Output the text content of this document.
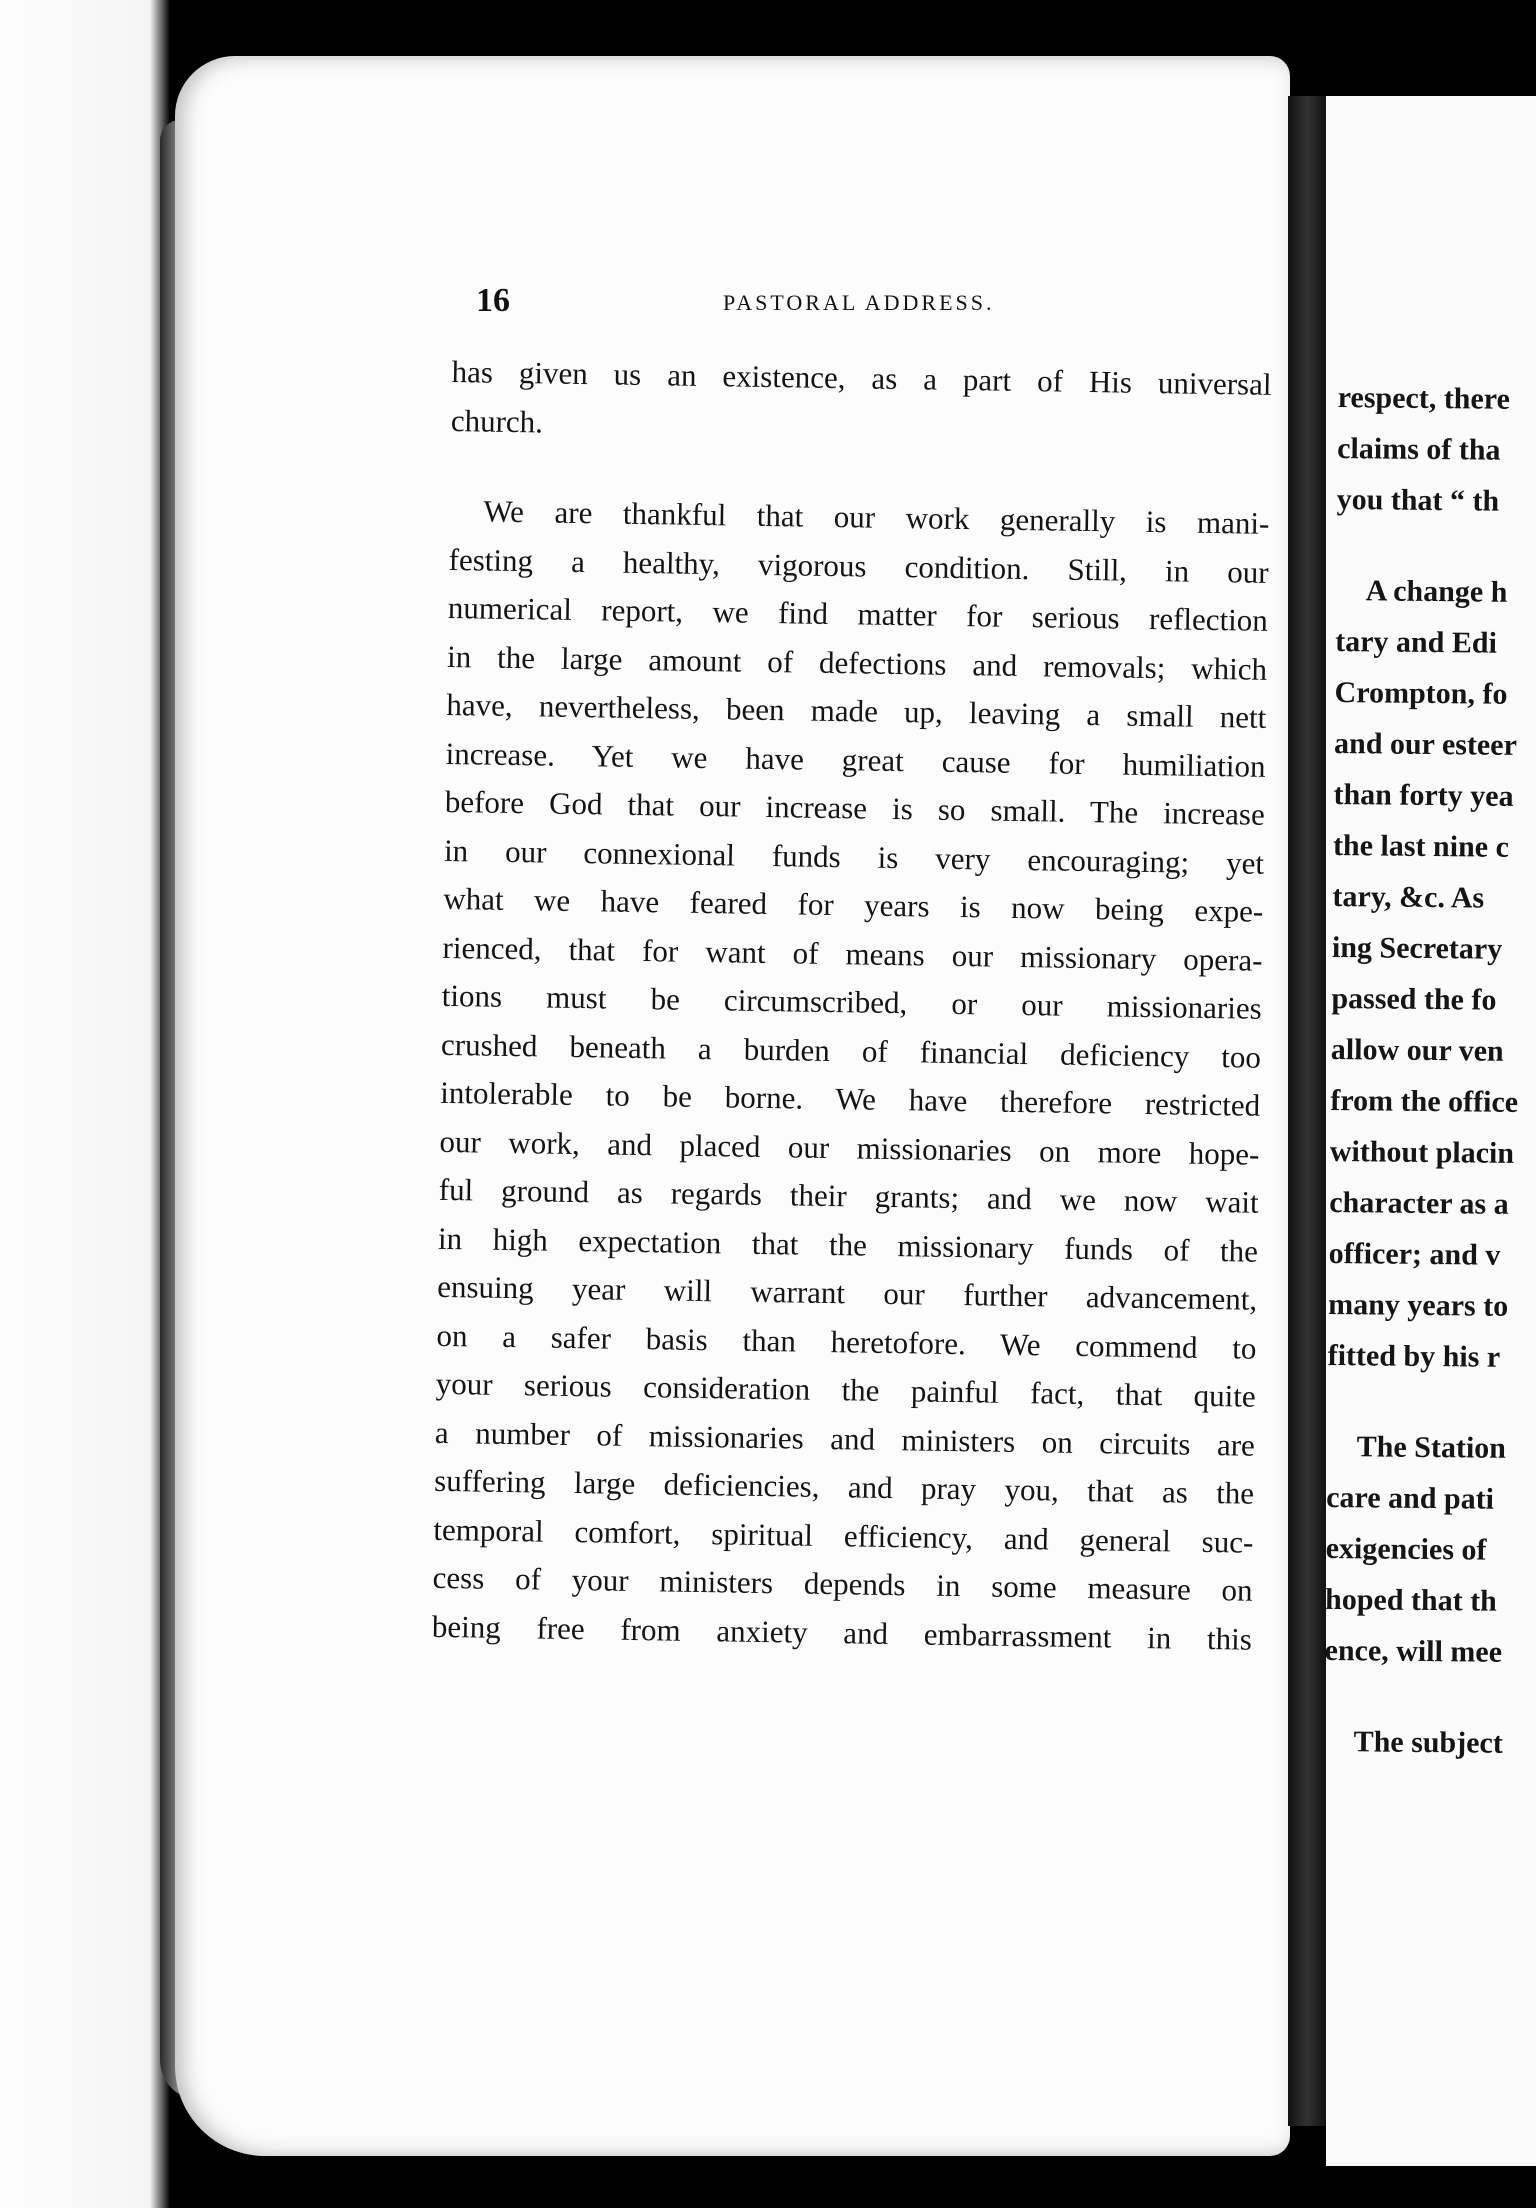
16	PASTORAL ADDRESS.
has given us an existence, as a part of His universal
church.
We are thankful that our work generally is mani-
festing a healthy, vigorous condition. Still, in our
numerical report, we find matter for serious reflection
in the large amount of defections and removals; which
have, nevertheless, been made up, leaving a small nett
increase. Yet we have great cause for humiliation
before God that our increase is so small. The increase
in our connexional funds is very encouraging; yet
what we have feared for years is now being expe-
rienced, that for want of means our missionary opera-
tions must be circumscribed, or our missionaries
crushed beneath a burden of financial deficiency too
intolerable to be borne. We have therefore restricted
our work, and placed our missionaries on more hope-
ful ground as regards their grants; and we now wait
in high expectation that the missionary funds of the
ensuing year will warrant our further advancement,
on a safer basis than heretofore. We commend to
your serious consideration the painful fact, that quite
a number of missionaries and ministers on circuits are
suffering large deficiencies, and pray you, that as the
temporal comfort, spiritual efficiency, and general suc-
cess of your ministers depends in some measure on
being free from anxiety and embarrassment in this
respect, there
claims of tha
you that “ th
A change h
tary and Edi
Crompton, fo
and our esteer
than forty yea
the last nine c
tary, &c. As
ing Secretary
passed the fo
allow our ven
from the office
without placin
character as a
officer; and v
many years to
fitted by his r
The Station
care and pati
exigencies of
hoped that th
ence, will mee
The subject
